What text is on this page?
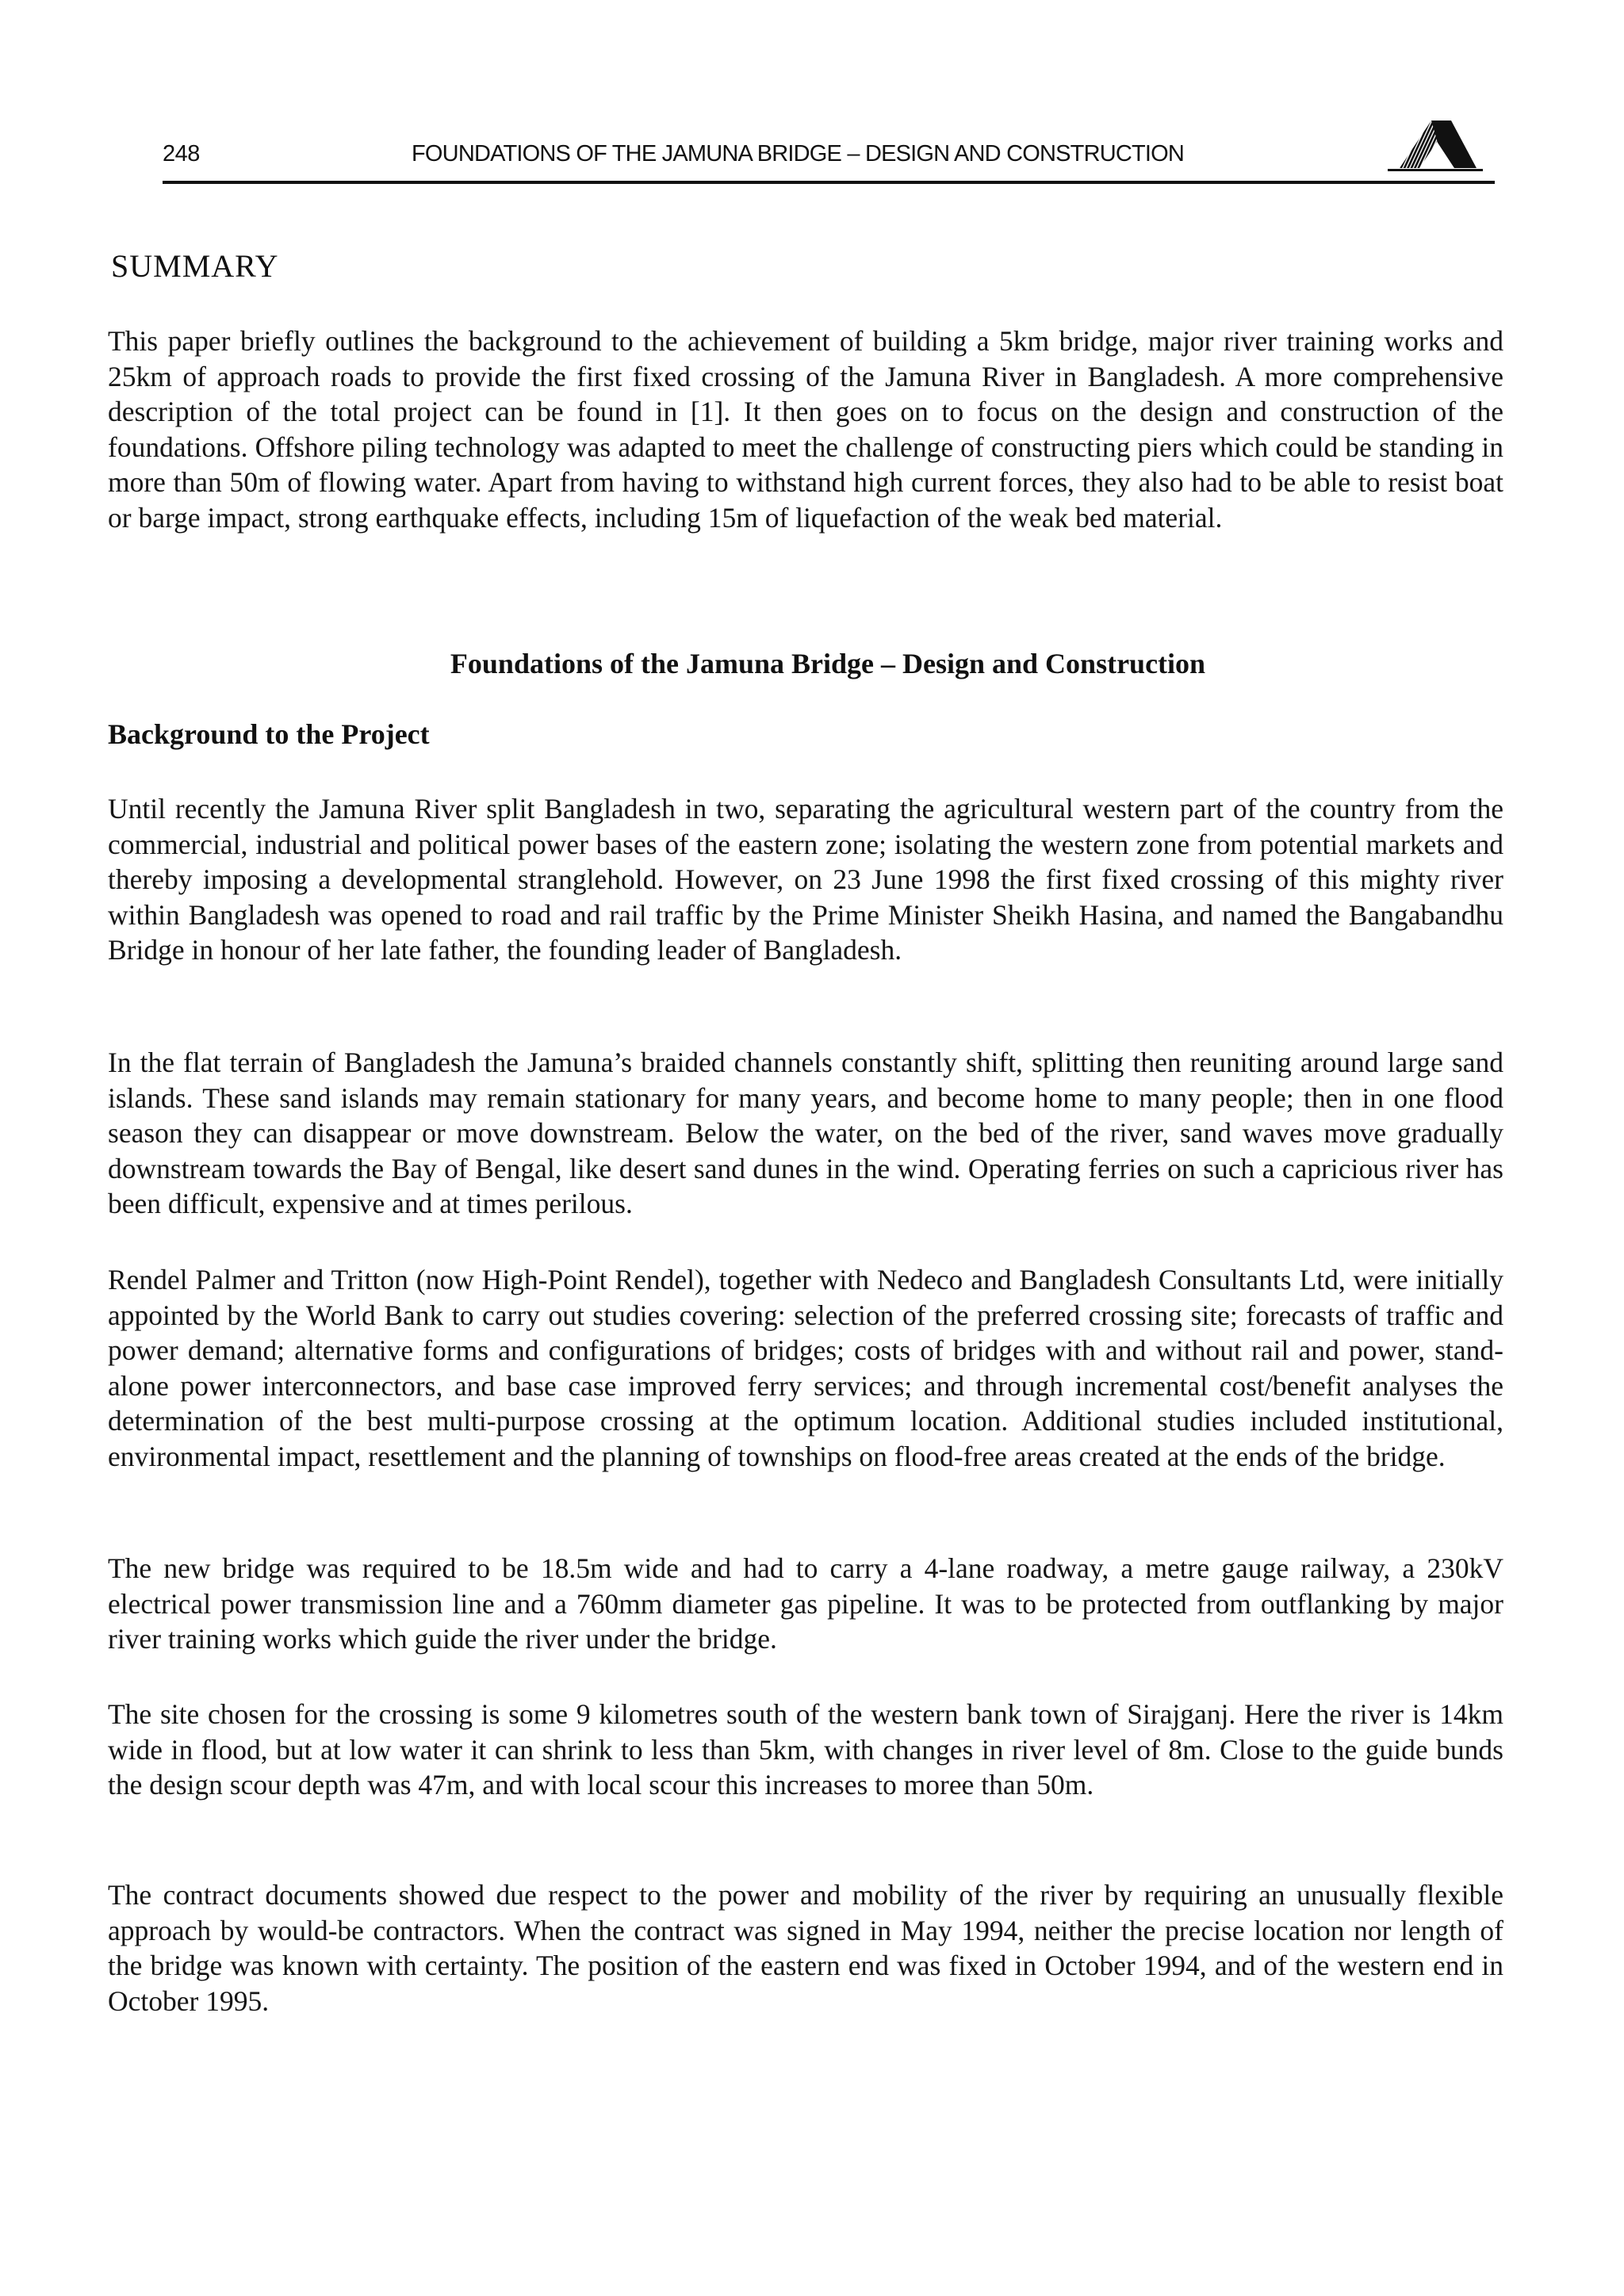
248	FOUNDATIONS OF THE JAMUNA BRIDGE – DESIGN AND CONSTRUCTION
SUMMARY

This paper briefly outlines the background to the achievement of building a 5km bridge, major river training works and 25km of approach roads to provide the first fixed crossing of the Jamuna River in Bangladesh. A more comprehensive description of the total project can be found in [1]. It then goes on to focus on the design and construction of the foundations. Offshore piling technology was adapted to meet the challenge of constructing piers which could be standing in more than 50m of flowing water. Apart from having to withstand high current forces, they also had to be able to resist boat or barge impact, strong earthquake effects, including 15m of liquefaction of the weak bed material.

Foundations of the Jamuna Bridge – Design and Construction
Background to the Project

Until recently the Jamuna River split Bangladesh in two, separating the agricultural western part of the country from the commercial, industrial and political power bases of the eastern zone; isolating the western zone from potential markets and thereby imposing a developmental stranglehold. However, on 23 June 1998 the first fixed crossing of this mighty river within Bangladesh was opened to road and rail traffic by the Prime Minister Sheikh Hasina, and named the Bangabandhu Bridge in honour of her late father, the founding leader of Bangladesh.

In the flat terrain of Bangladesh the Jamuna’s braided channels constantly shift, splitting then reuniting around large sand islands. These sand islands may remain stationary for many years, and become home to many people; then in one flood season they can disappear or move downstream. Below the water, on the bed of the river, sand waves move gradually downstream towards the Bay of Bengal, like desert sand dunes in the wind. Operating ferries on such a capricious river has been difficult, expensive and at times perilous.

Rendel Palmer and Tritton (now High-Point Rendel), together with Nedeco and Bangladesh Consultants Ltd, were initially appointed by the World Bank to carry out studies covering: selection of the preferred crossing site; forecasts of traffic and power demand; alternative forms and configurations of bridges; costs of bridges with and without rail and power, stand-alone power interconnectors, and base case improved ferry services; and through incremental cost/benefit analyses the determination of the best multi-purpose crossing at the optimum location. Additional studies included institutional, environmental impact, resettlement and the planning of townships on flood-free areas created at the ends of the bridge.

The new bridge was required to be 18.5m wide and had to carry a 4-lane roadway, a metre gauge railway, a 230kV electrical power transmission line and a 760mm diameter gas pipeline. It was to be protected from outflanking by major river training works which guide the river under the bridge.

The site chosen for the crossing is some 9 kilometres south of the western bank town of Sirajganj. Here the river is 14km wide in flood, but at low water it can shrink to less than 5km, with changes in river level of 8m. Close to the guide bunds the design scour depth was 47m, and with local scour this increases to moree than 50m.

The contract documents showed due respect to the power and mobility of the river by requiring an unusually flexible approach by would-be contractors. When the contract was signed in May 1994, neither the precise location nor length of the bridge was known with certainty. The position of the eastern end was fixed in October 1994, and of the western end in October 1995.
